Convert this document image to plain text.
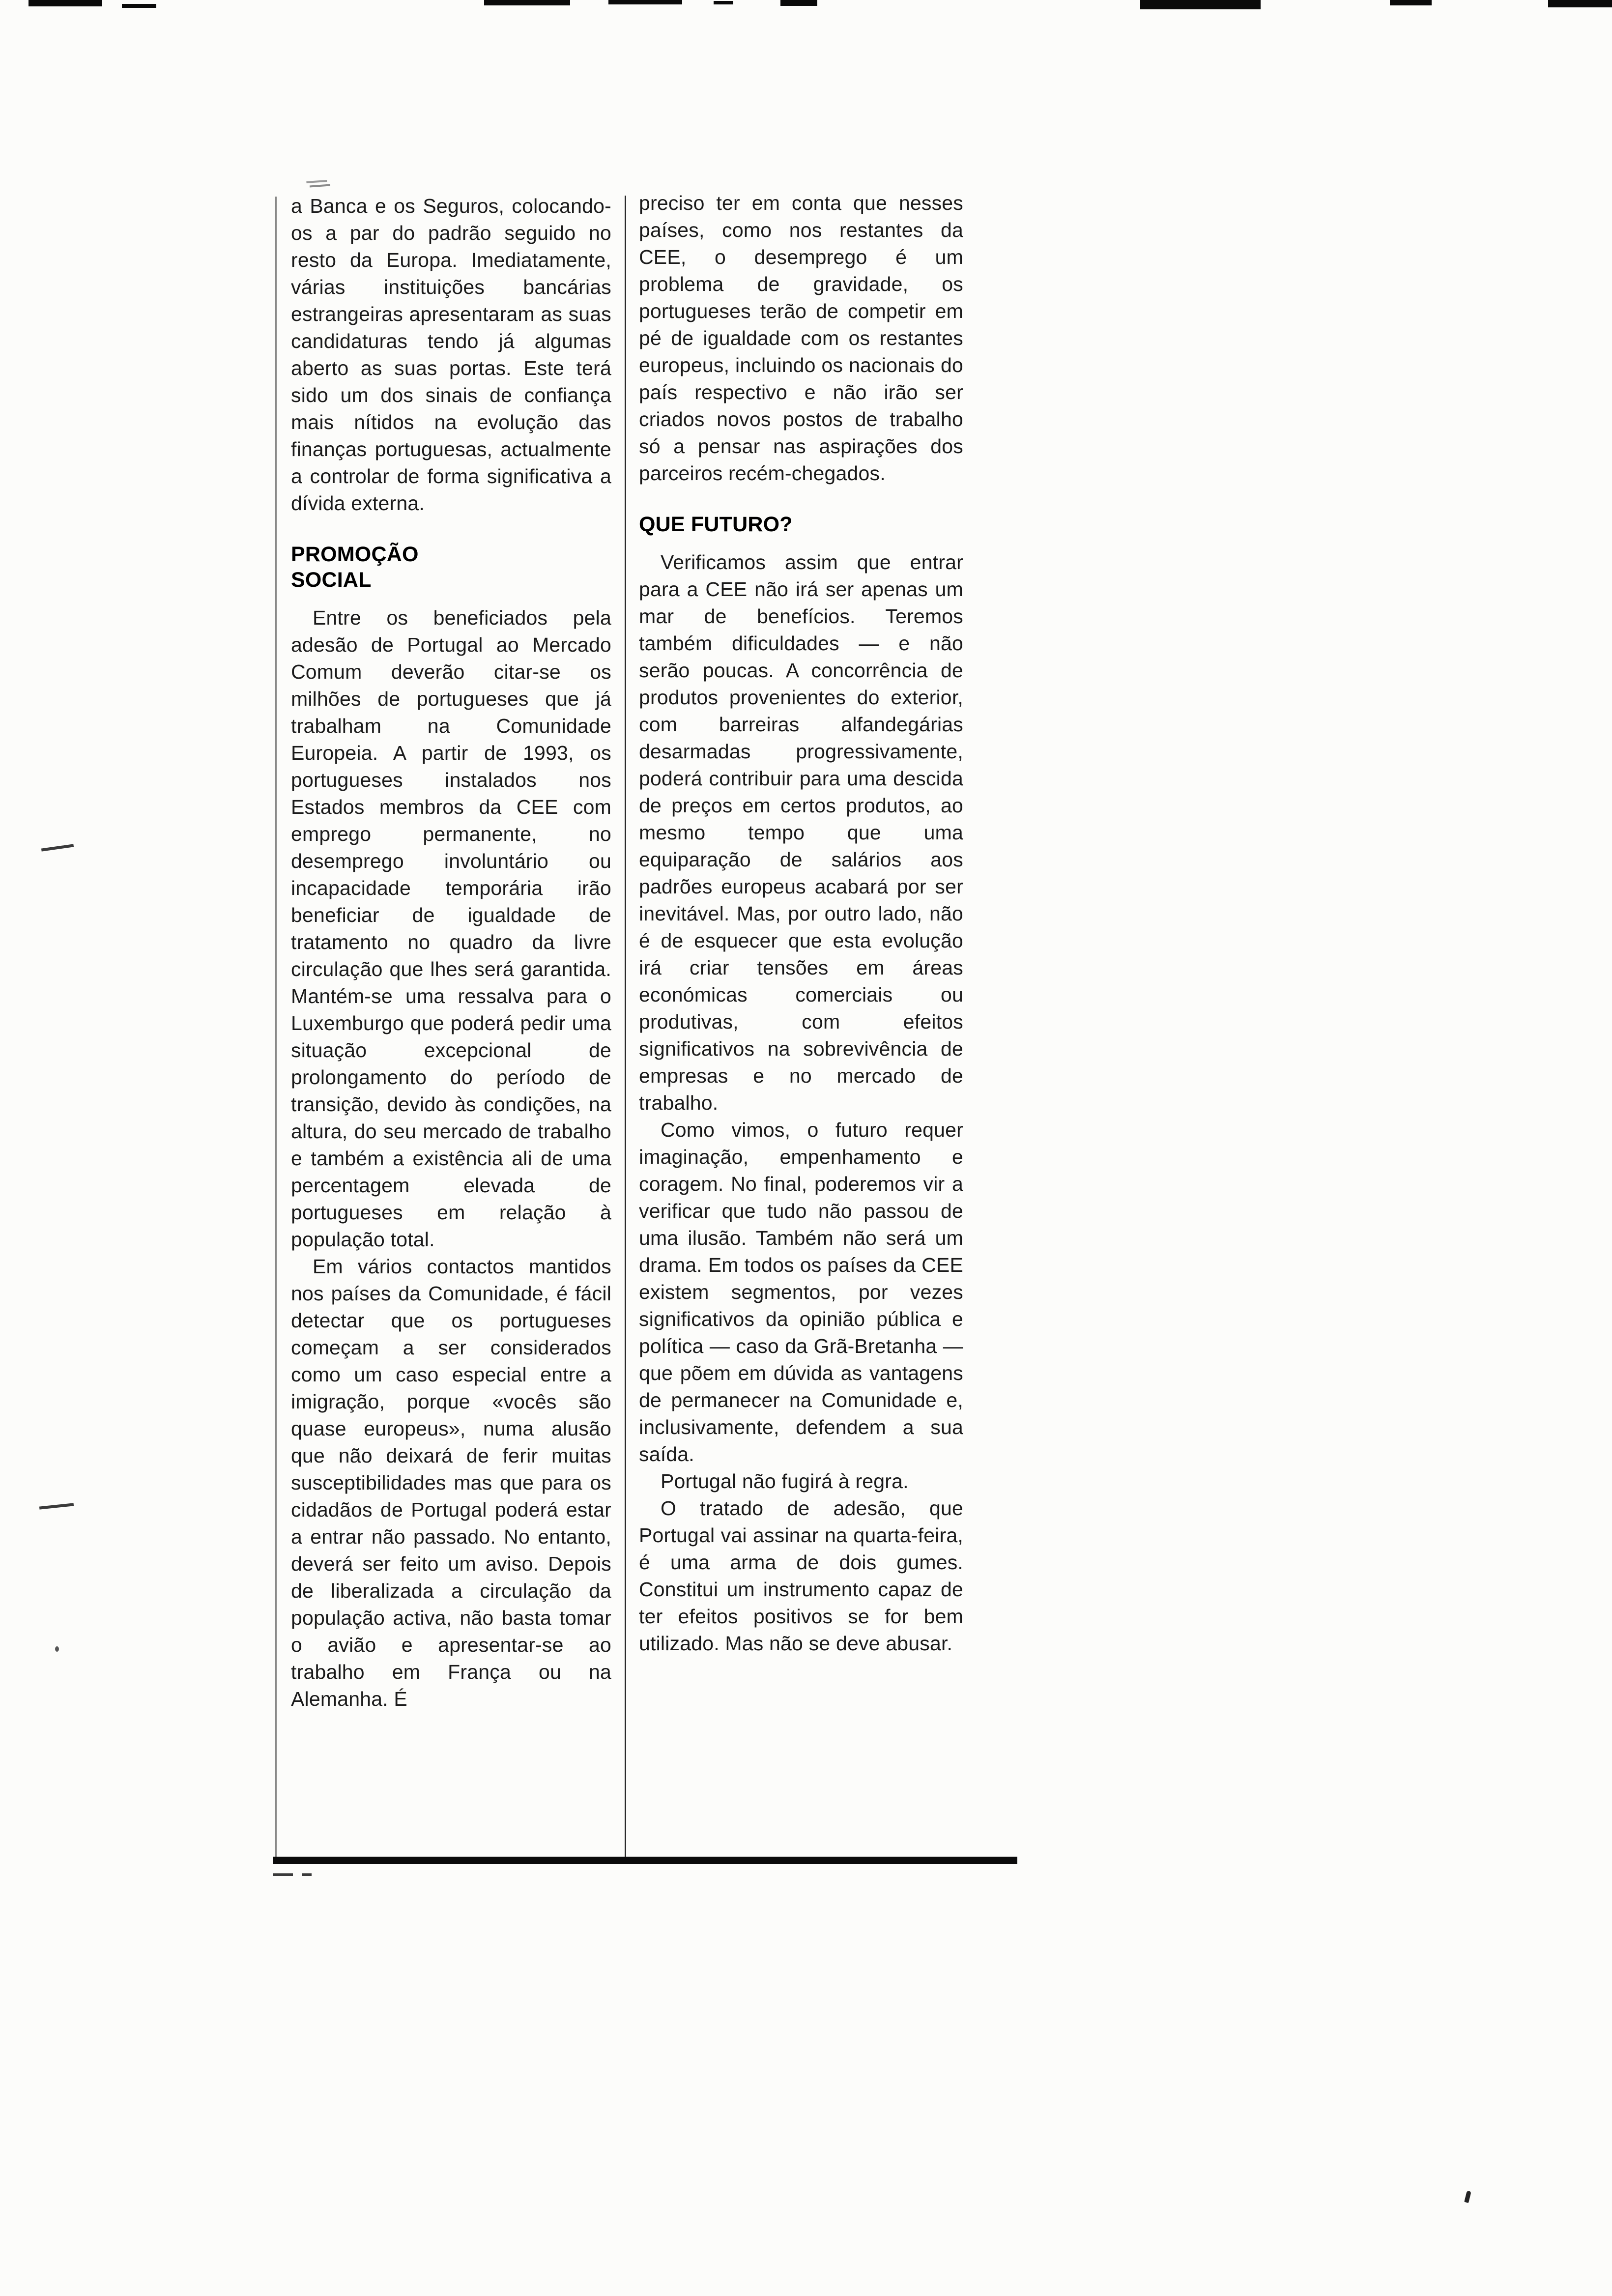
a Banca e os Seguros, colocando-os a par do padrão seguido no resto da Europa. Imediatamente, várias instituições bancárias estrangeiras apresentaram as suas candidaturas tendo já algumas aberto as suas portas. Este terá sido um dos sinais de confiança mais nítidos na evolução das finanças portuguesas, actualmente a controlar de forma significativa a dívida externa.

PROMOÇÃO
SOCIAL

Entre os beneficiados pela adesão de Portugal ao Mercado Comum deverão citar-se os milhões de portugueses que já trabalham na Comunidade Europeia. A partir de 1993, os portugueses instalados nos Estados membros da CEE com emprego permanente, no desemprego involuntário ou incapacidade temporária irão beneficiar de igualdade de tratamento no quadro da livre circulação que lhes será garantida. Mantém-se uma ressalva para o Luxemburgo que poderá pedir uma situação excepcional de prolongamento do período de transição, devido às condições, na altura, do seu mercado de trabalho e também a existência ali de uma percentagem elevada de portugueses em relação à população total.

Em vários contactos mantidos nos países da Comunidade, é fácil detectar que os portugueses começam a ser considerados como um caso especial entre a imigração, porque «vocês são quase europeus», numa alusão que não deixará de ferir muitas susceptibilidades mas que para os cidadãos de Portugal poderá estar a entrar não passado. No entanto, deverá ser feito um aviso. Depois de liberalizada a circulação da população activa, não basta tomar o avião e apresentar-se ao trabalho em França ou na Alemanha. É

preciso ter em conta que nesses países, como nos restantes da CEE, o desemprego é um problema de gravidade, os portugueses terão de competir em pé de igualdade com os restantes europeus, incluindo os nacionais do país respectivo e não irão ser criados novos postos de trabalho só a pensar nas aspirações dos parceiros recém-chegados.

QUE FUTURO?

Verificamos assim que entrar para a CEE não irá ser apenas um mar de benefícios. Teremos também dificuldades — e não serão poucas. A concorrência de produtos provenientes do exterior, com barreiras alfandegárias desarmadas progressivamente, poderá contribuir para uma descida de preços em certos produtos, ao mesmo tempo que uma equiparação de salários aos padrões europeus acabará por ser inevitável. Mas, por outro lado, não é de esquecer que esta evolução irá criar tensões em áreas económicas comerciais ou produtivas, com efeitos significativos na sobrevivência de empresas e no mercado de trabalho.

Como vimos, o futuro requer imaginação, empenhamento e coragem. No final, poderemos vir a verificar que tudo não passou de uma ilusão. Também não será um drama. Em todos os países da CEE existem segmentos, por vezes significativos da opinião pública e política — caso da Grã-Bretanha — que põem em dúvida as vantagens de permanecer na Comunidade e, inclusivamente, defendem a sua saída.

Portugal não fugirá à regra.

O tratado de adesão, que Portugal vai assinar na quarta-feira, é uma arma de dois gumes. Constitui um instrumento capaz de ter efeitos positivos se for bem utilizado. Mas não se deve abusar.
